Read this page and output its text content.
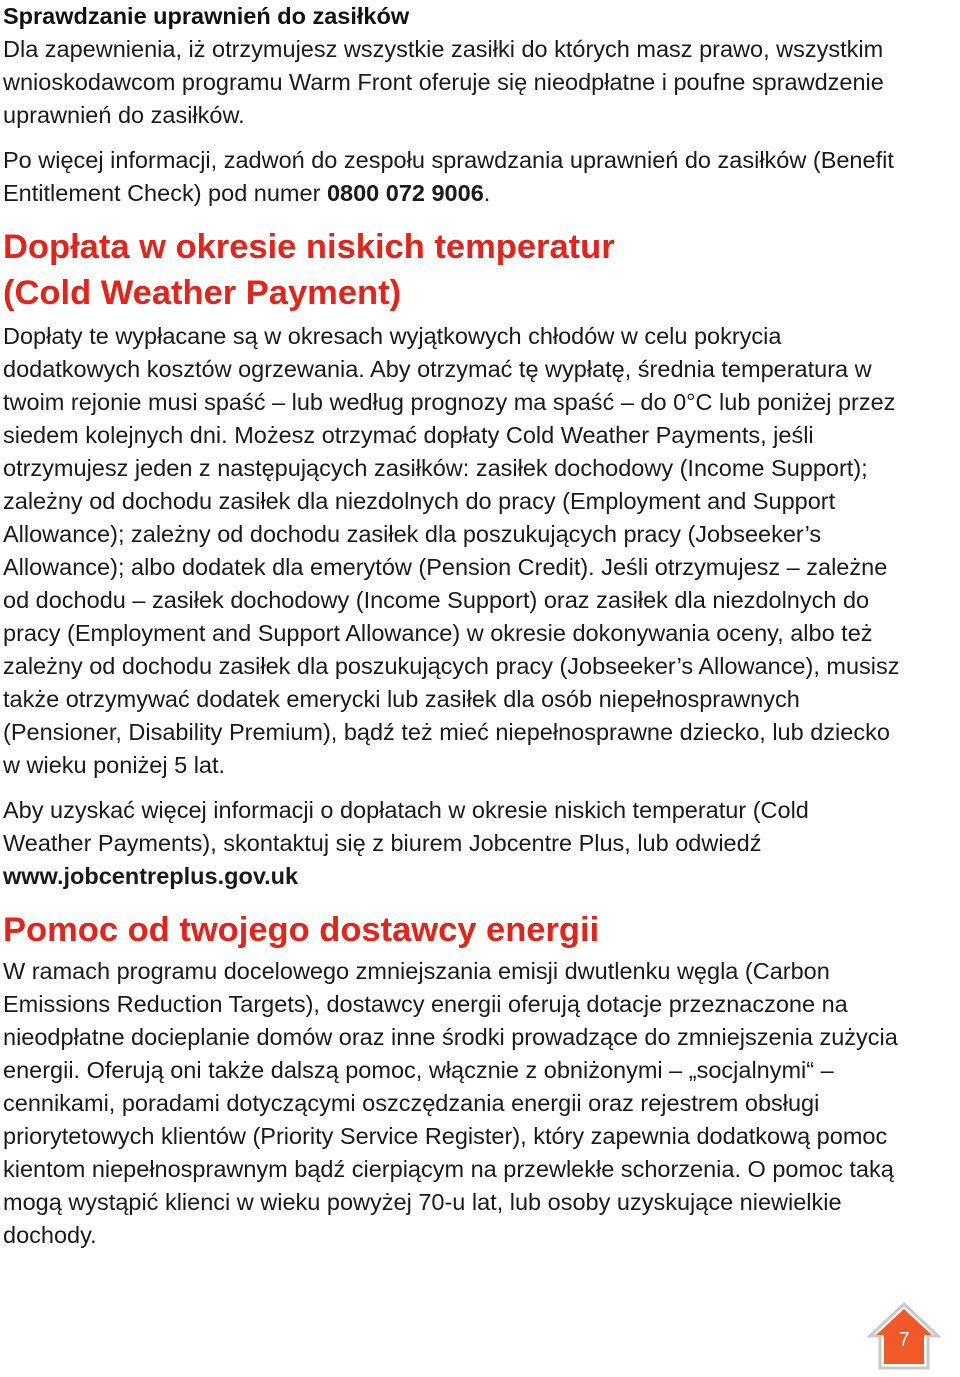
Sprawdzanie uprawnień do zasiłków

Dla zapewnienia, iż otrzymujesz wszystkie zasiłki do których masz prawo, wszystkim wnioskodawcom programu Warm Front oferuje się nieodpłatne i poufne sprawdzenie uprawnień do zasiłków.

Po więcej informacji, zadwoń do zespołu sprawdzania uprawnień do zasiłków (Benefit Entitlement Check) pod numer 0800 072 9006.

Dopłata w okresie niskich temperatur
(Cold Weather Payment)

Dopłaty te wypłacane są w okresach wyjątkowych chłodów w celu pokrycia dodatkowych kosztów ogrzewania. Aby otrzymać tę wypłatę, średnia temperatura w twoim rejonie musi spaść – lub według prognozy ma spaść – do 0°C lub poniżej przez siedem kolejnych dni. Możesz otrzymać dopłaty Cold Weather Payments, jeśli otrzymujesz jeden z następujących zasiłków: zasiłek dochodowy (Income Support); zależny od dochodu zasiłek dla niezdolnych do pracy (Employment and Support Allowance); zależny od dochodu zasiłek dla poszukujących pracy (Jobseeker’s Allowance); albo dodatek dla emerytów (Pension Credit). Jeśli otrzymujesz – zależne od dochodu – zasiłek dochodowy (Income Support) oraz zasiłek dla niezdolnych do pracy (Employment and Support Allowance) w okresie dokonywania oceny, albo też zależny od dochodu zasiłek dla poszukujących pracy (Jobseeker’s Allowance), musisz także otrzymywać dodatek emerycki lub zasiłek dla osób niepełnosprawnych (Pensioner, Disability Premium), bądź też mieć niepełnosprawne dziecko, lub dziecko w wieku poniżej 5 lat.

Aby uzyskać więcej informacji o dopłatach w okresie niskich temperatur (Cold Weather Payments), skontaktuj się z biurem Jobcentre Plus, lub odwiedź www.jobcentreplus.gov.uk

Pomoc od twojego dostawcy energii

W ramach programu docelowego zmniejszania emisji dwutlenku węgla (Carbon Emissions Reduction Targets), dostawcy energii oferują dotacje przeznaczone na nieodpłatne docieplanie domów oraz inne środki prowadzące do zmniejszenia zużycia energii. Oferują oni także dalszą pomoc, włącznie z obniżonymi – „socjalnymi“ – cennikami, poradami dotyczącymi oszczędzania energii oraz rejestrem obsługi priorytetowych klientów (Priority Service Register), który zapewnia dodatkową pomoc kientom niepełnosprawnym bądź cierpiącym na przewlekłe schorzenia. O pomoc taką mogą wystąpić klienci w wieku powyżej 70-u lat, lub osoby uzyskujące niewielkie dochody.

7
